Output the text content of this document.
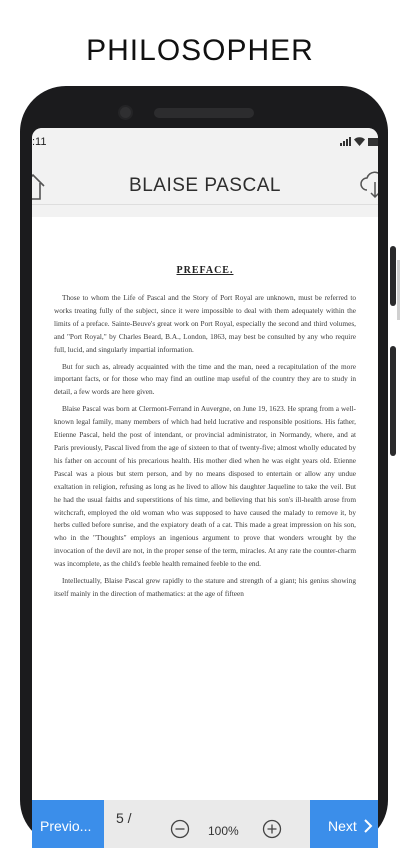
PHILOSOPHER
:11
BLAISE PASCAL
PREFACE.

Those to whom the Life of Pascal and the Story of Port Royal are unknown, must be referred to works treating fully of the subject, since it were impossible to deal with them adequately within the limits of a preface. Sainte-Beuve's great work on Port Royal, especially the second and third volumes, and "Port Royal," by Charles Beard, B.A., London, 1863, may best be consulted by any who require full, lucid, and singularly impartial information.

But for such as, already acquainted with the time and the man, need a recapitulation of the more important facts, or for those who may find an outline map useful of the country they are to study in detail, a few words are here given.

Blaise Pascal was born at Clermont-Ferrand in Auvergne, on June 19, 1623. He sprang from a well-known legal family, many members of which had held lucrative and responsible positions. His father, Etienne Pascal, held the post of intendant, or provincial administrator, in Normandy, where, and at Paris previously, Pascal lived from the age of sixteen to that of twenty-five; almost wholly educated by his father on account of his precarious health. His mother died when he was eight years old. Etienne Pascal was a pious but stern person, and by no means disposed to entertain or allow any undue exaltation in religion, refusing as long as he lived to allow his daughter Jaqueline to take the veil. But he had the usual faiths and superstitions of his time, and believing that his son's ill-health arose from witchcraft, employed the old woman who was supposed to have caused the malady to remove it, by herbs culled before sunrise, and the expiatory death of a cat. This made a great impression on his son, who in the "Thoughts" employs an ingenious argument to prove that wonders wrought by the invocation of the devil are not, in the proper sense of the term, miracles. At any rate the counter-charm was incomplete, as the child's feeble health remained feeble to the end.

Intellectually, Blaise Pascal grew rapidly to the stature and strength of a giant; his genius showing itself mainly in the direction of mathematics: at the age of fifteen

Previo...	5 /
100%	Next
